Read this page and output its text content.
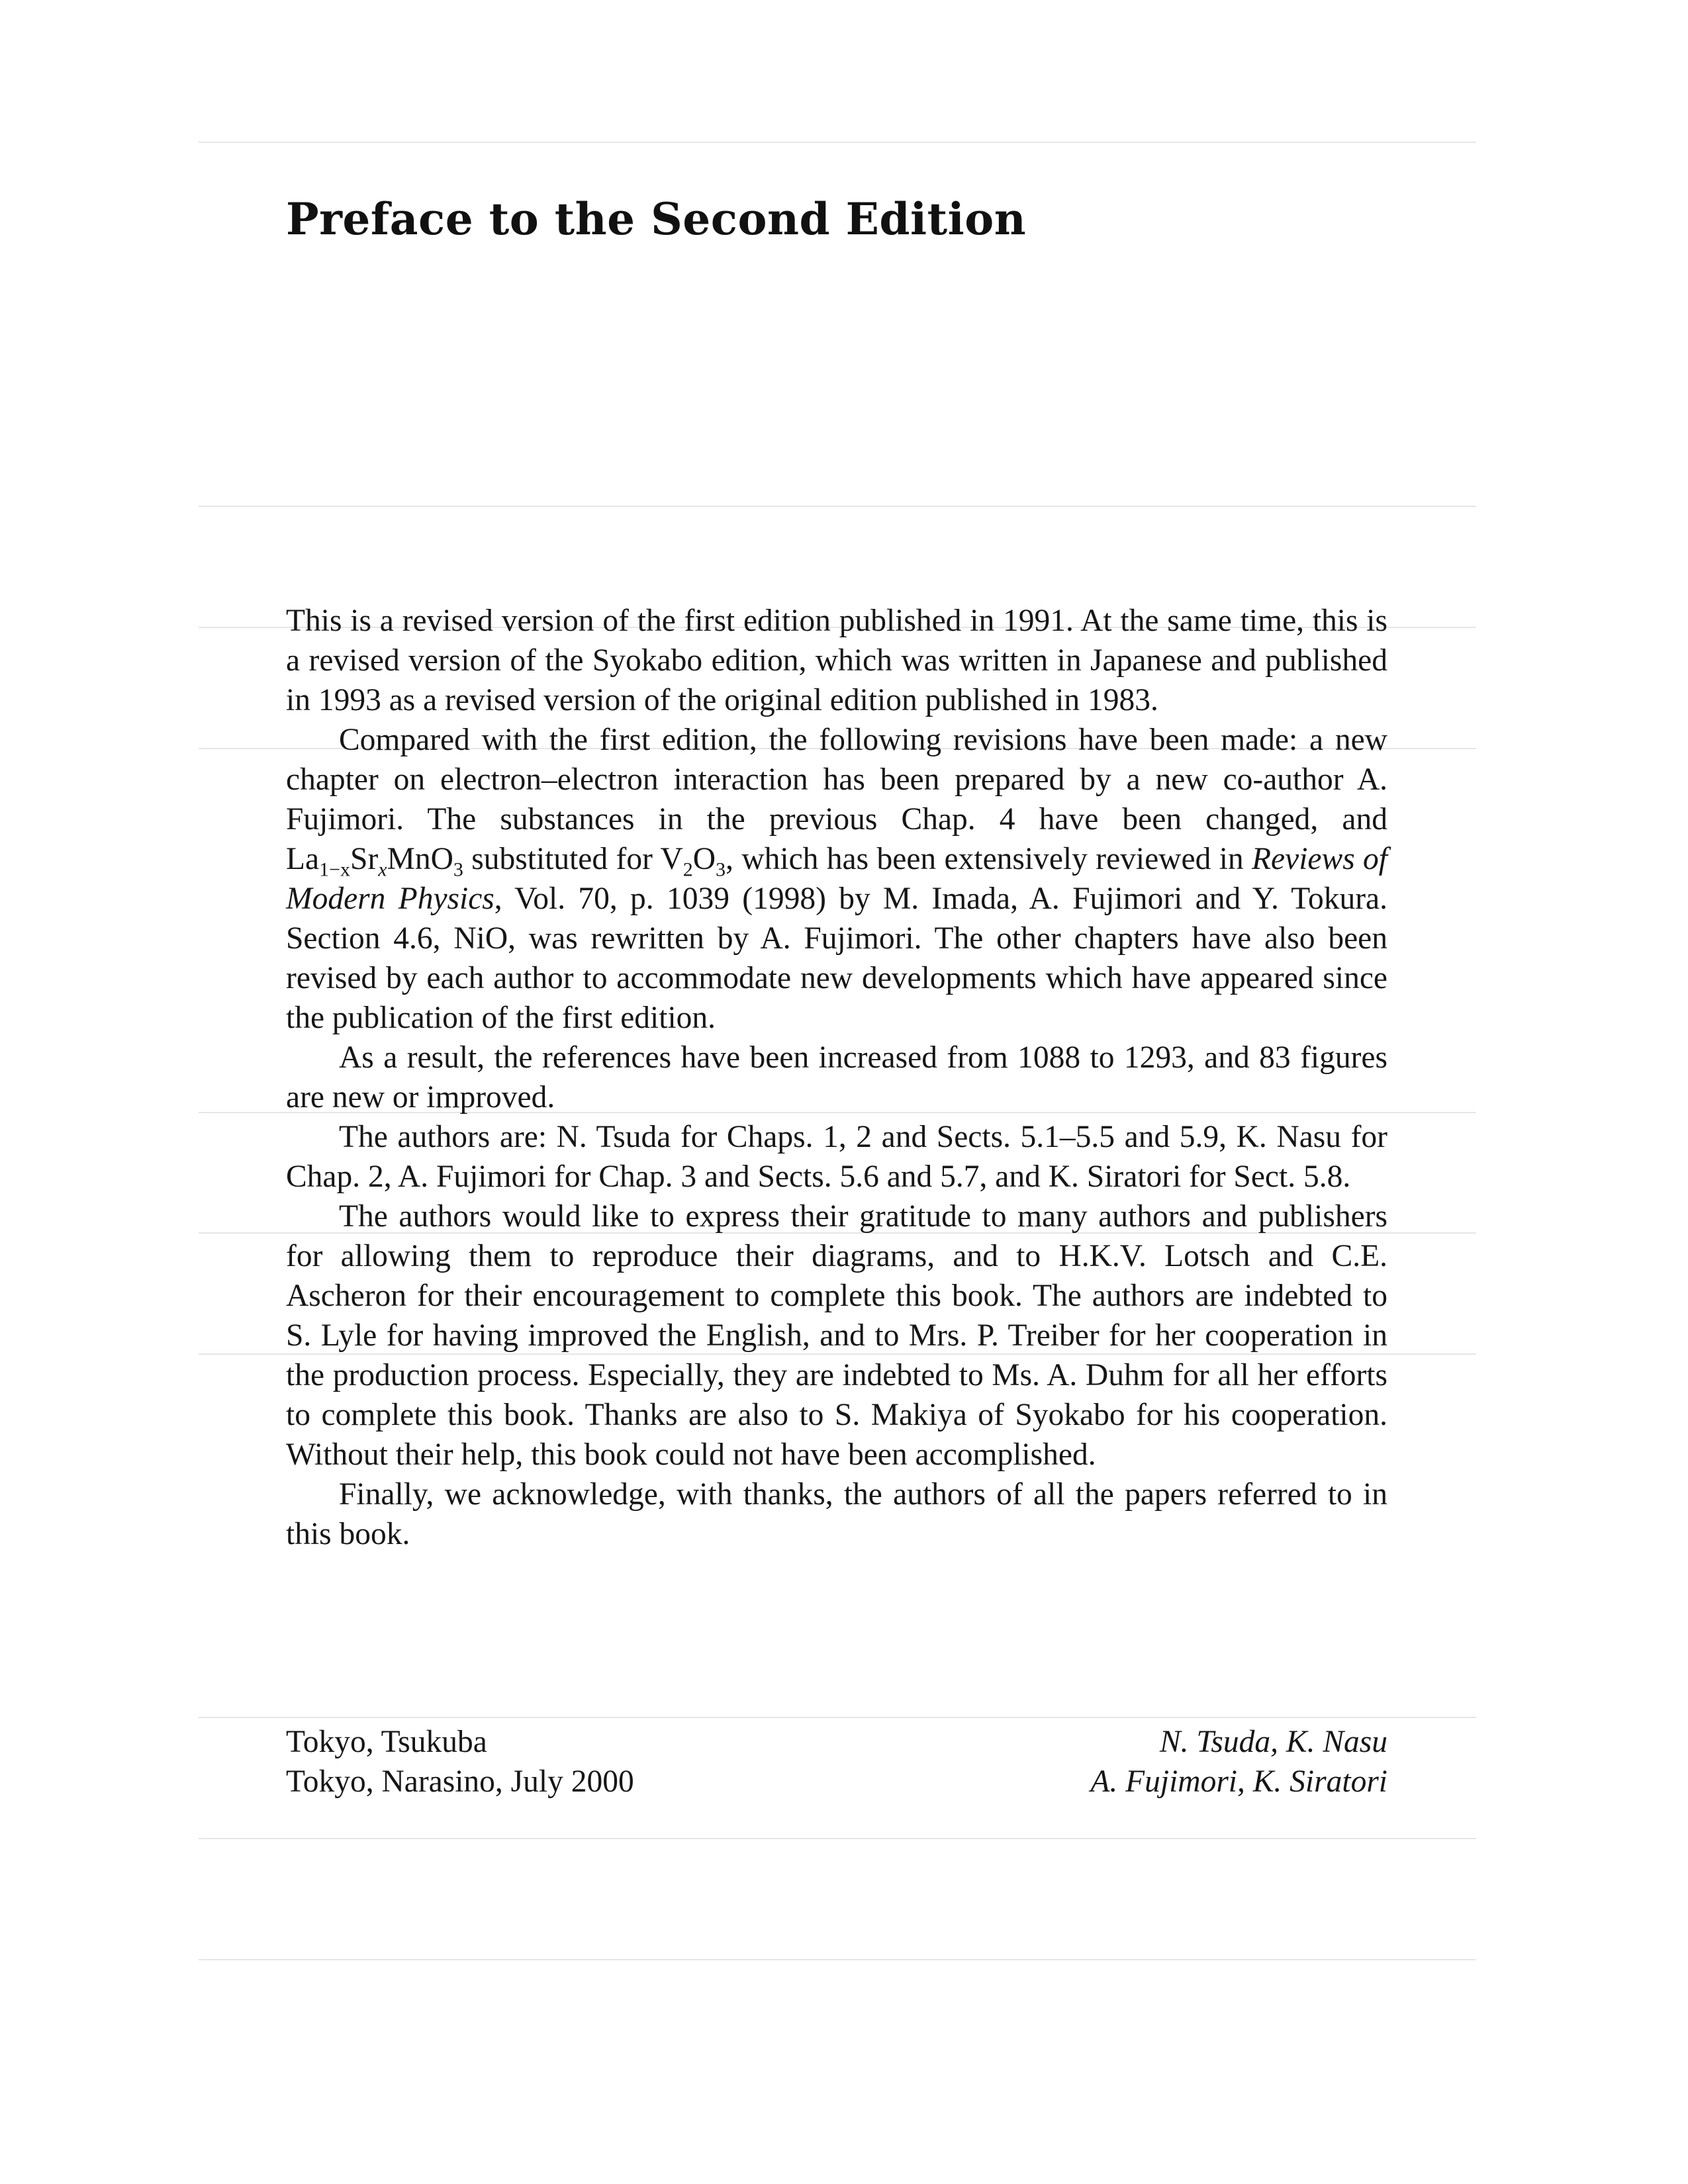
Preface to the Second Edition

This is a revised version of the first edition published in 1991. At the same time, this is a revised version of the Syokabo edition, which was written in Japanese and published in 1993 as a revised version of the original edition published in 1983.

Compared with the first edition, the following revisions have been made: a new chapter on electron–electron interaction has been prepared by a new co-author A. Fujimori. The substances in the previous Chap. 4 have been changed, and $La_{1-x}Sr_xMnO_3$ substituted for $V_2O_3$, which has been extensively reviewed in Reviews of Modern Physics, Vol. 70, p. 1039 (1998) by M. Imada, A. Fujimori and Y. Tokura. Section 4.6, NiO, was rewritten by A. Fujimori. The other chapters have also been revised by each author to accommodate new developments which have appeared since the publication of the first edition.

As a result, the references have been increased from 1088 to 1293, and 83 figures are new or improved.

The authors are: N. Tsuda for Chaps. 1, 2 and Sects. 5.1–5.5 and 5.9, K. Nasu for Chap. 2, A. Fujimori for Chap. 3 and Sects. 5.6 and 5.7, and K. Siratori for Sect. 5.8.

The authors would like to express their gratitude to many authors and publishers for allowing them to reproduce their diagrams, and to H.K.V. Lotsch and C.E. Ascheron for their encouragement to complete this book. The authors are indebted to S. Lyle for having improved the English, and to Mrs. P. Treiber for her cooperation in the production process. Especially, they are indebted to Ms. A. Duhm for all her efforts to complete this book. Thanks are also to S. Makiya of Syokabo for his cooperation. Without their help, this book could not have been accomplished.

Finally, we acknowledge, with thanks, the authors of all the papers referred to in this book.

Tokyo, Tsukuba	N. Tsuda, K. Nasu
Tokyo, Narasino, July 2000	A. Fujimori, K. Siratori
